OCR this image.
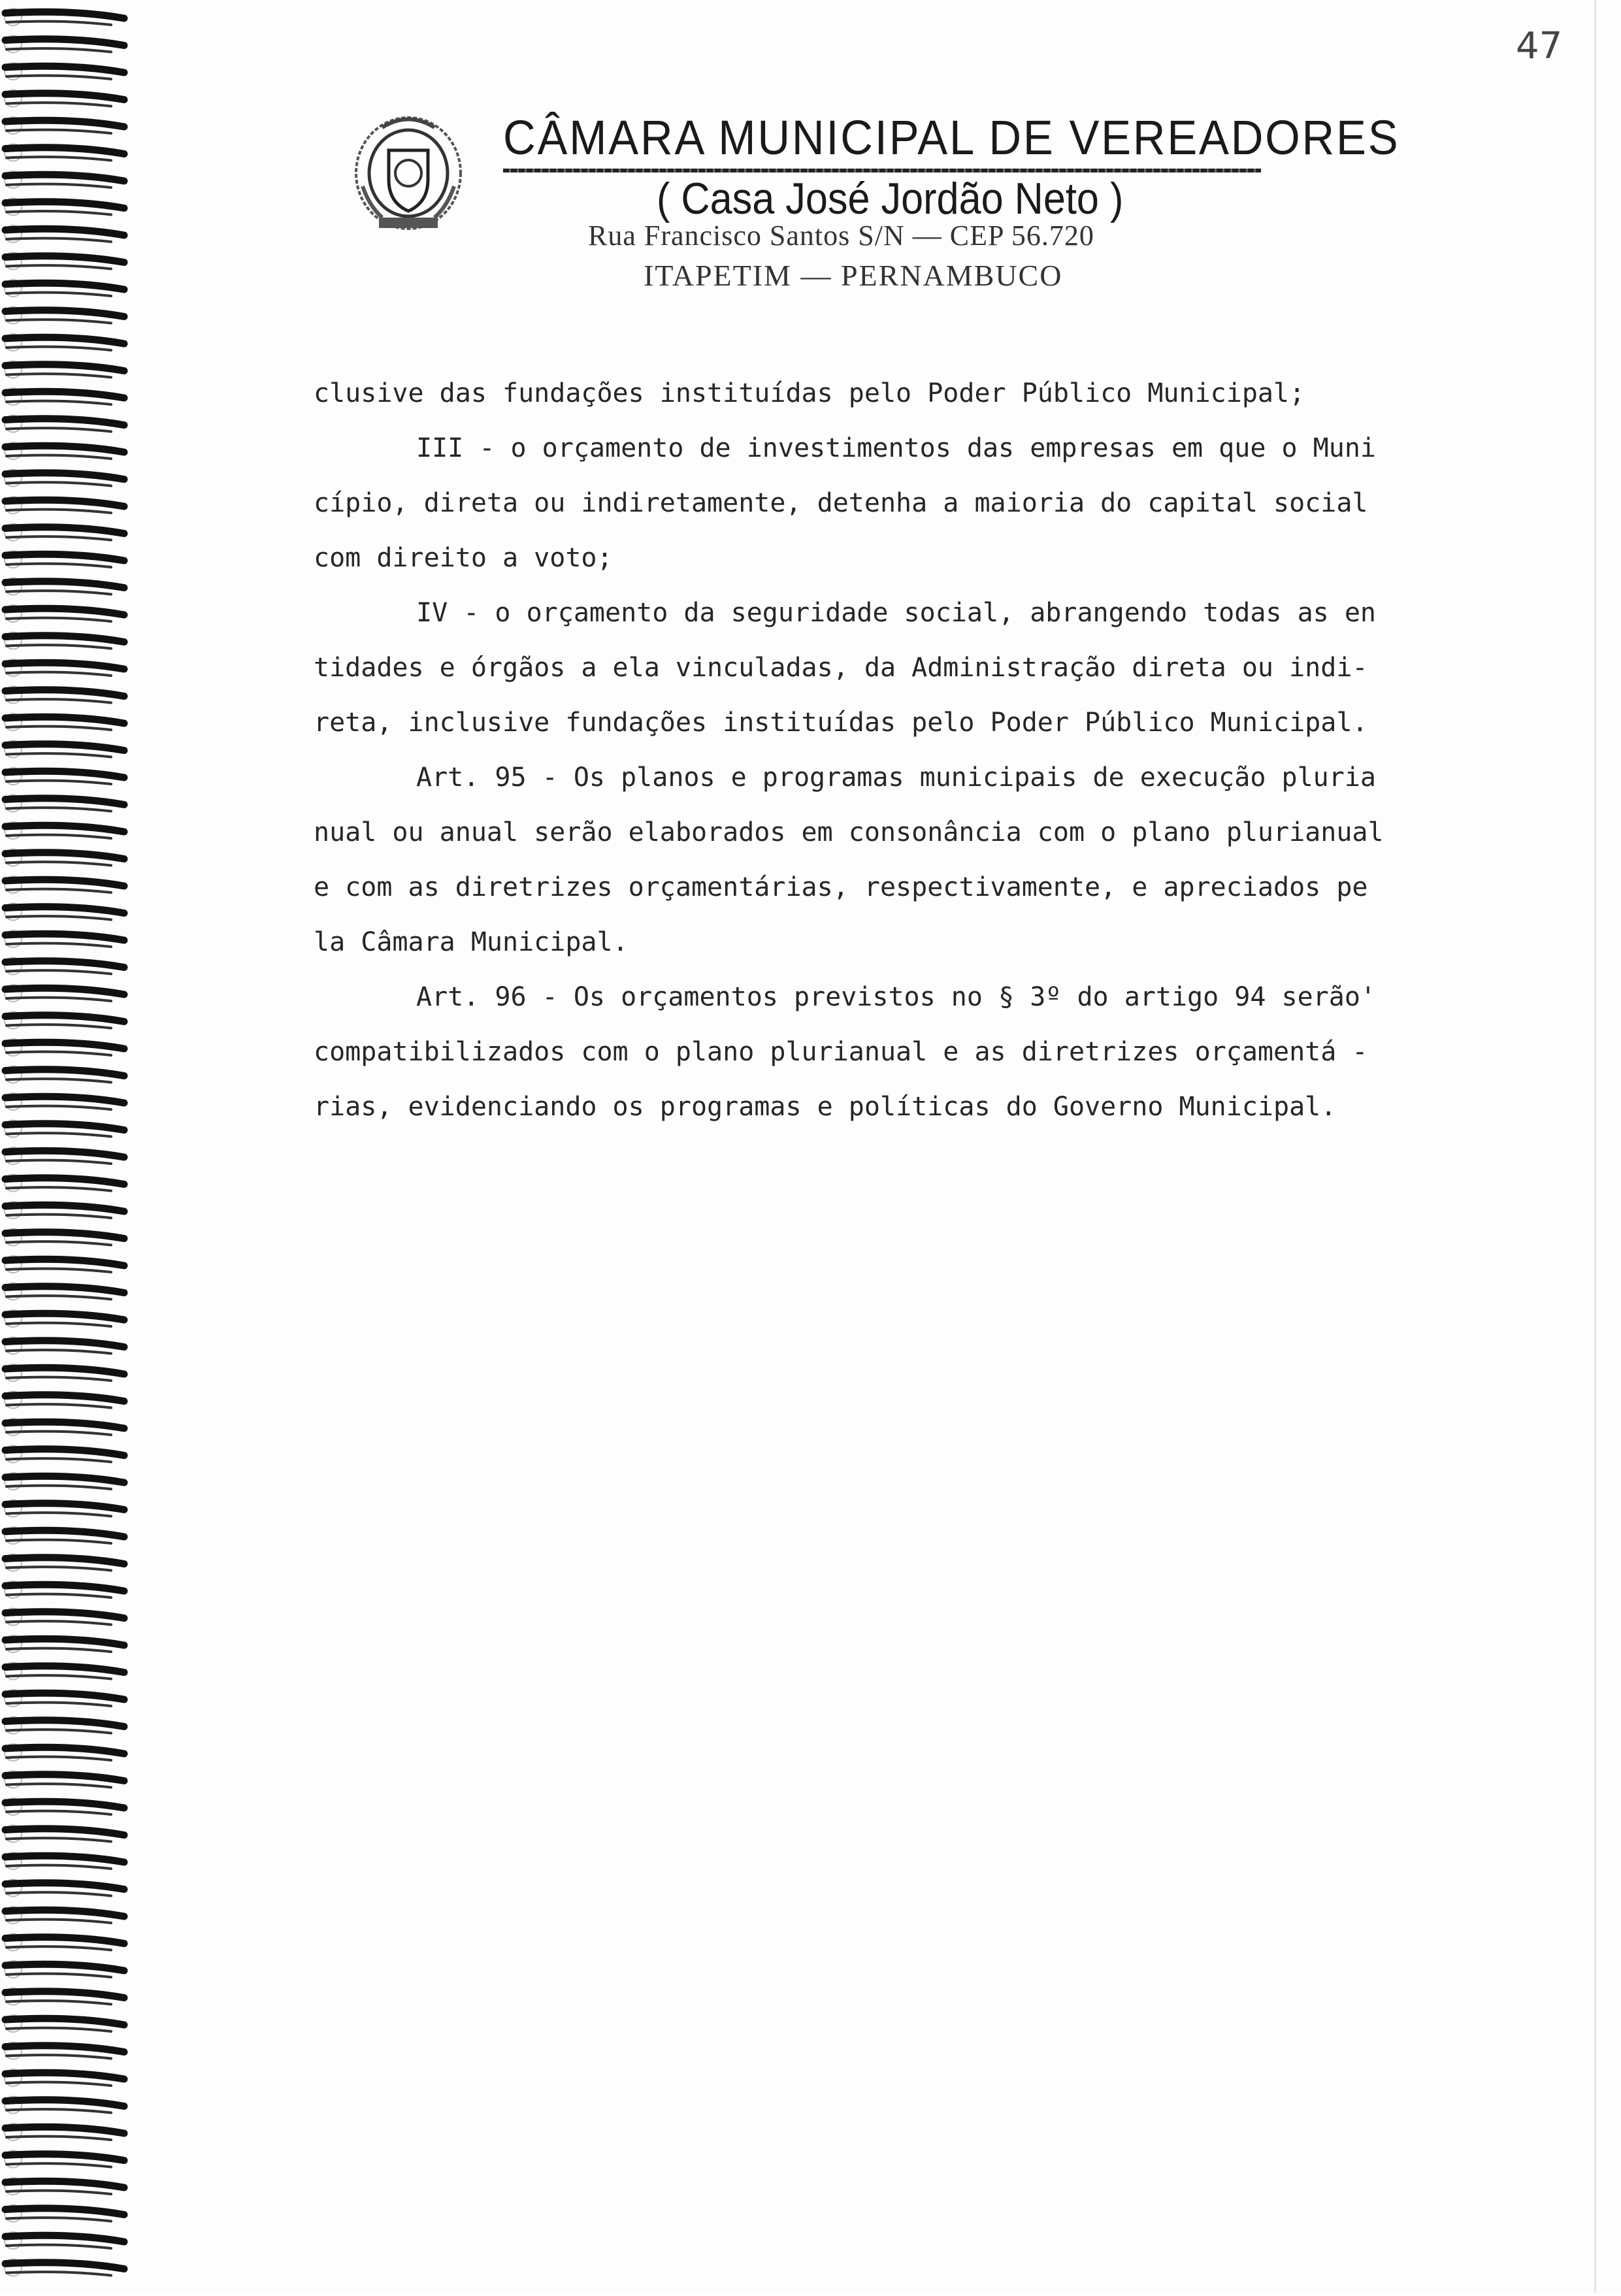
47
CÂMARA MUNICIPAL DE VEREADORES
( Casa José Jordão Neto )
Rua Francisco Santos S/N — CEP 56.720
ITAPETIM — PERNAMBUCO
clusive das fundações instituídas pelo Poder Público Municipal;
III - o orçamento de investimentos das empresas em que o Muni
cípio, direta ou indiretamente, detenha a maioria do capital social
com direito a voto;
IV - o orçamento da seguridade social, abrangendo todas as en
tidades e órgãos a ela vinculadas, da Administração direta ou indi-
reta, inclusive fundações instituídas pelo Poder Público Municipal.
Art. 95 - Os planos e programas municipais de execução pluria
nual ou anual serão elaborados em consonância com o plano plurianual
e com as diretrizes orçamentárias, respectivamente, e apreciados pe
la Câmara Municipal.
Art. 96 - Os orçamentos previstos no § 3º do artigo 94 serão'
compatibilizados com o plano plurianual e as diretrizes orçamentá -
rias, evidenciando os programas e políticas do Governo Municipal.
